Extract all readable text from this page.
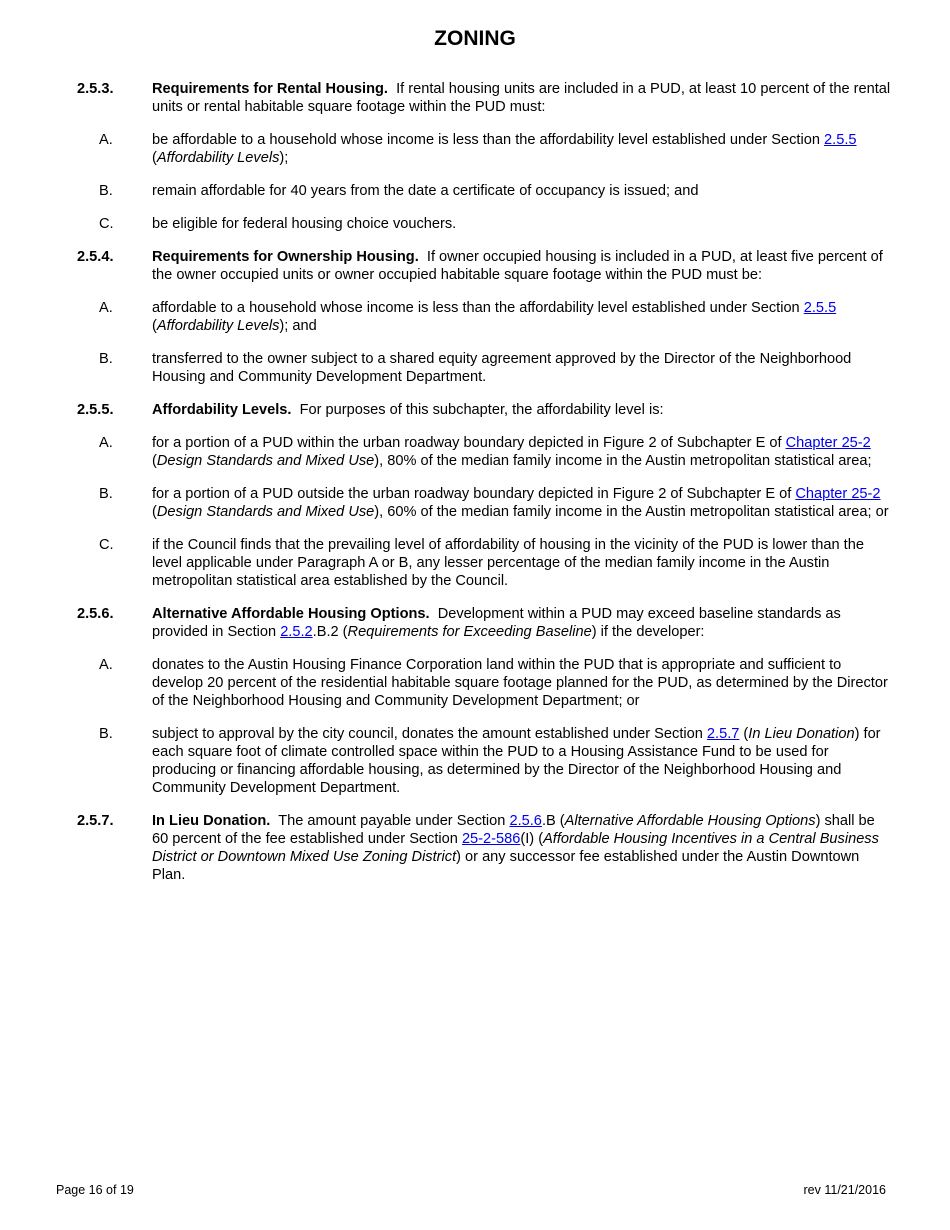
ZONING
2.5.3.	Requirements for Rental Housing. If rental housing units are included in a PUD, at least 10 percent of the rental units or rental habitable square footage within the PUD must:
A.	be affordable to a household whose income is less than the affordability level established under Section 2.5.5 (Affordability Levels);
B.	remain affordable for 40 years from the date a certificate of occupancy is issued; and
C.	be eligible for federal housing choice vouchers.
2.5.4.	Requirements for Ownership Housing. If owner occupied housing is included in a PUD, at least five percent of the owner occupied units or owner occupied habitable square footage within the PUD must be:
A.	affordable to a household whose income is less than the affordability level established under Section 2.5.5 (Affordability Levels); and
B.	transferred to the owner subject to a shared equity agreement approved by the Director of the Neighborhood Housing and Community Development Department.
2.5.5.	Affordability Levels. For purposes of this subchapter, the affordability level is:
A.	for a portion of a PUD within the urban roadway boundary depicted in Figure 2 of Subchapter E of Chapter 25-2 (Design Standards and Mixed Use), 80% of the median family income in the Austin metropolitan statistical area;
B.	for a portion of a PUD outside the urban roadway boundary depicted in Figure 2 of Subchapter E of Chapter 25-2 (Design Standards and Mixed Use), 60% of the median family income in the Austin metropolitan statistical area; or
C.	if the Council finds that the prevailing level of affordability of housing in the vicinity of the PUD is lower than the level applicable under Paragraph A or B, any lesser percentage of the median family income in the Austin metropolitan statistical area established by the Council.
2.5.6.	Alternative Affordable Housing Options. Development within a PUD may exceed baseline standards as provided in Section 2.5.2.B.2 (Requirements for Exceeding Baseline) if the developer:
A.	donates to the Austin Housing Finance Corporation land within the PUD that is appropriate and sufficient to develop 20 percent of the residential habitable square footage planned for the PUD, as determined by the Director of the Neighborhood Housing and Community Development Department; or
B.	subject to approval by the city council, donates the amount established under Section 2.5.7 (In Lieu Donation) for each square foot of climate controlled space within the PUD to a Housing Assistance Fund to be used for producing or financing affordable housing, as determined by the Director of the Neighborhood Housing and Community Development Department.
2.5.7.	In Lieu Donation. The amount payable under Section 2.5.6.B (Alternative Affordable Housing Options) shall be 60 percent of the fee established under Section 25-2-586(I) (Affordable Housing Incentives in a Central Business District or Downtown Mixed Use Zoning District) or any successor fee established under the Austin Downtown Plan.
Page 16 of 19	rev 11/21/2016
